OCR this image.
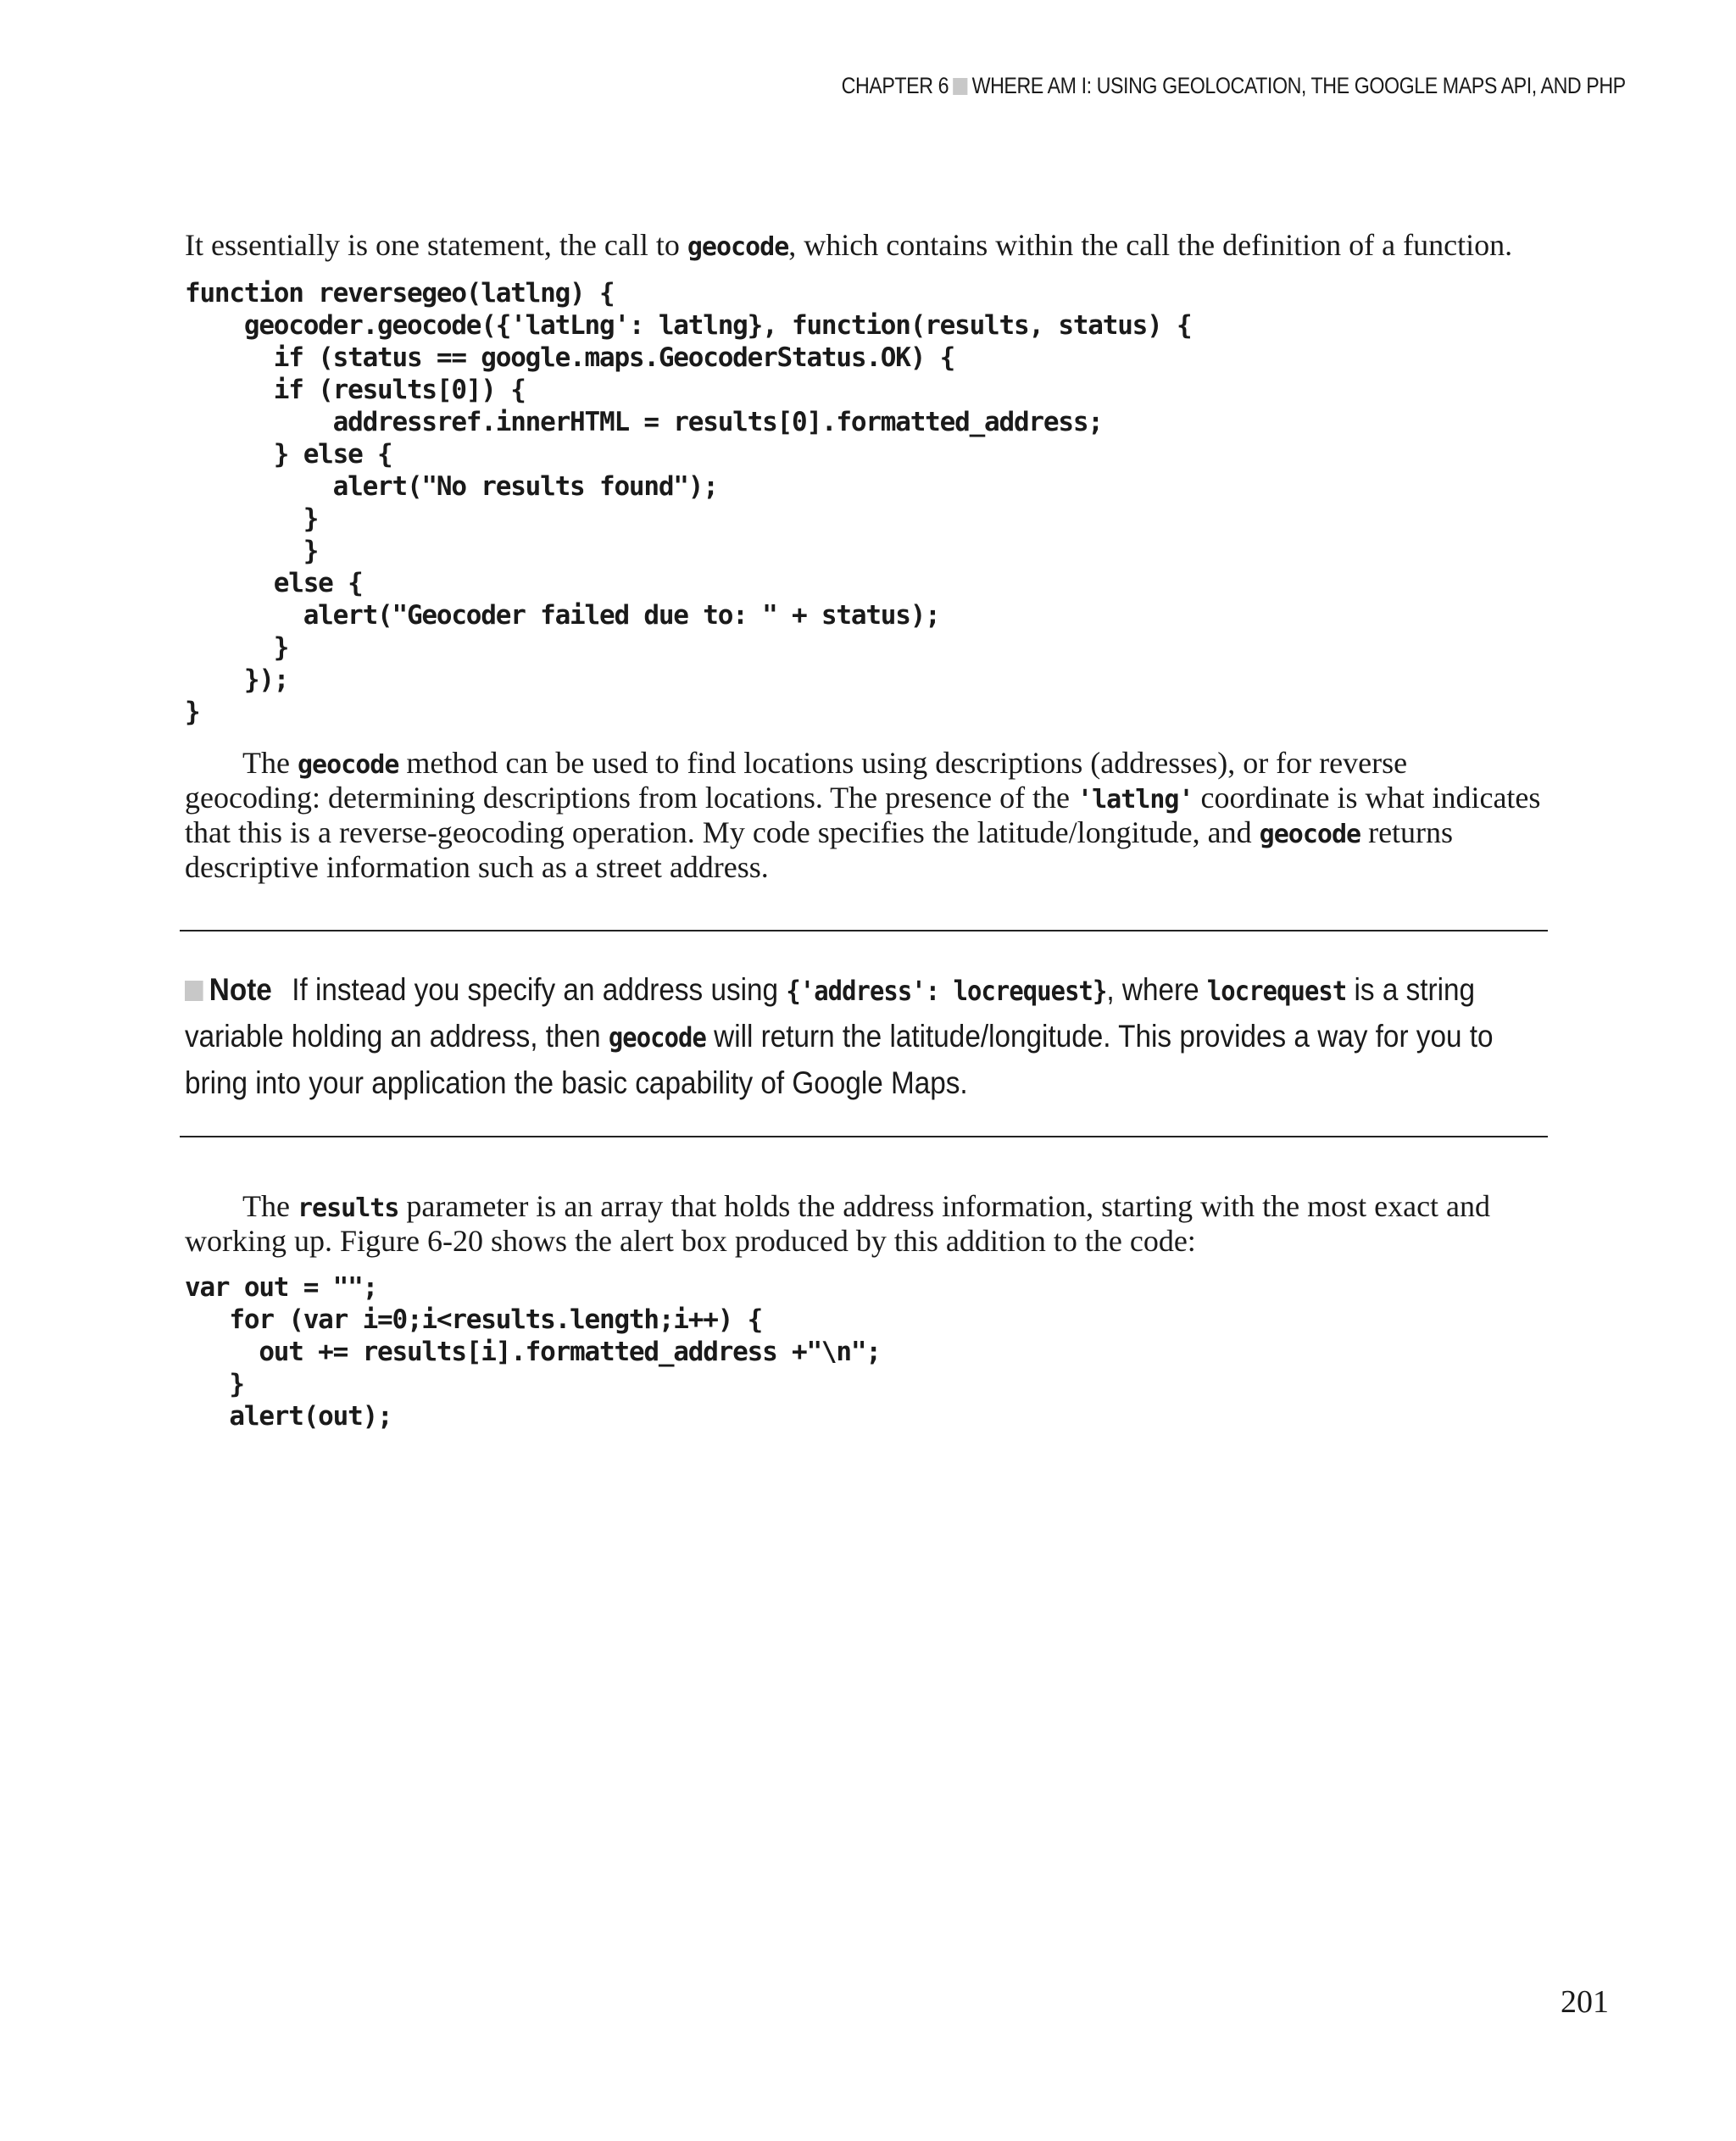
CHAPTER 6 WHERE AM I: USING GEOLOCATION, THE GOOGLE MAPS API, AND PHP

It essentially is one statement, the call to geocode, which contains within the call the definition of a function.

function reversegeo(latlng) {
geocoder.geocode({'latLng': latlng}, function(results, status) {
if (status == google.maps.GeocoderStatus.OK) {
if (results[0]) {
addressref.innerHTML = results[0].formatted_address;
} else {
alert("No results found");
}
}
else {
alert("Geocoder failed due to: " + status);
}
});
}

The geocode method can be used to find locations using descriptions (addresses), or for reverse geocoding: determining descriptions from locations. The presence of the 'latlng' coordinate is what indicates that this is a reverse-geocoding operation. My code specifies the latitude/longitude, and geocode returns descriptive information such as a street address.

Note If instead you specify an address using {'address': locrequest}, where locrequest is a string variable holding an address, then geocode will return the latitude/longitude. This provides a way for you to bring into your application the basic capability of Google Maps.

The results parameter is an array that holds the address information, starting with the most exact and working up. Figure 6-20 shows the alert box produced by this addition to the code:

var out = "";
for (var i=0;i<results.length;i++) {
out += results[i].formatted_address +"\n";
}
alert(out);
201
